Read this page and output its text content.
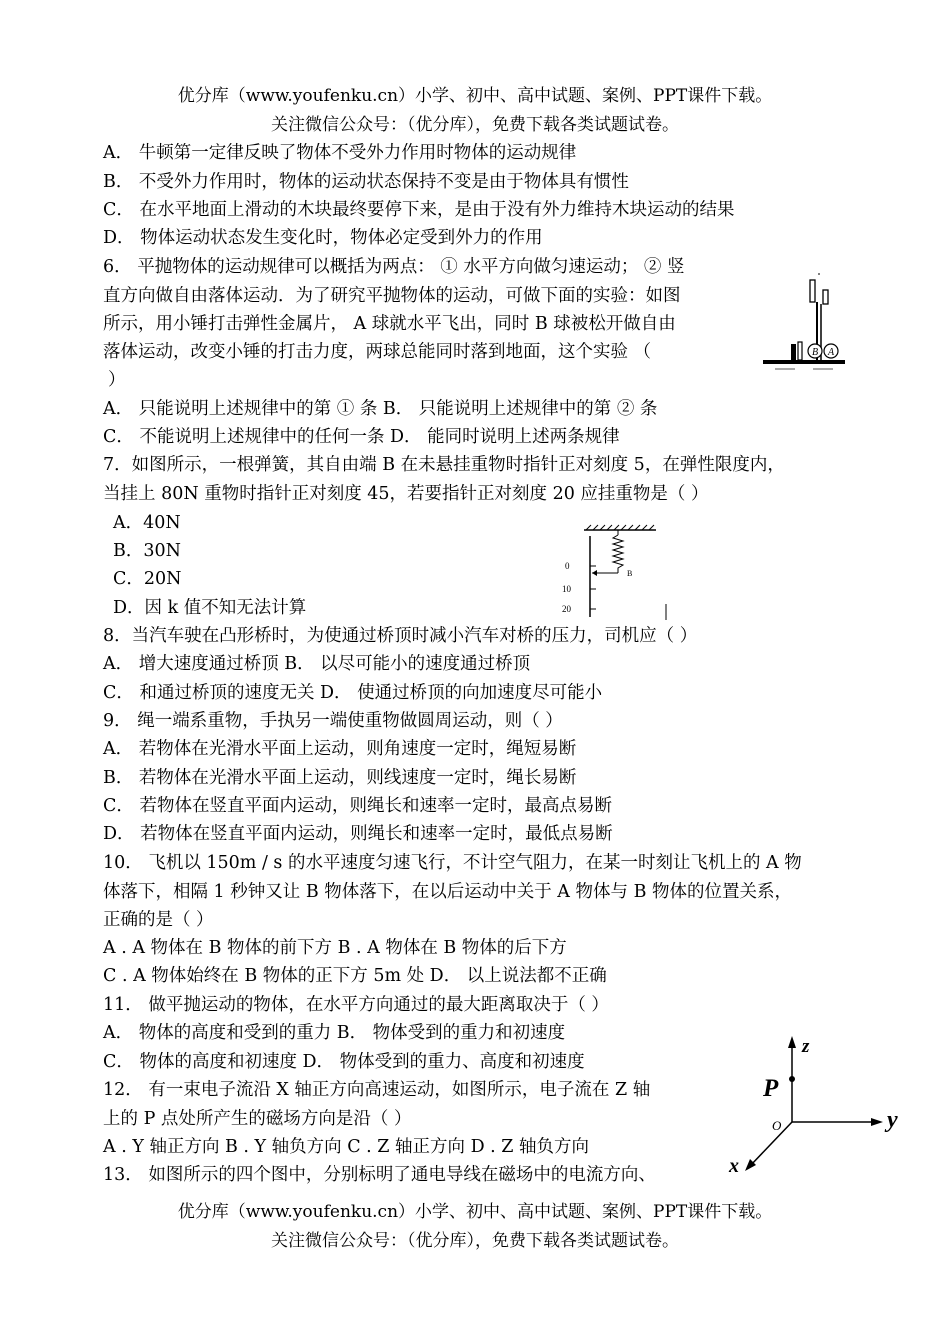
优分库（www.youfenku.cn）小学、初中、高中试题、案例、PPT课件下载。
关注微信公众号：（优分库），免费下载各类试题试卷。
A． 牛顿第一定律反映了物体不受外力作用时物体的运动规律
B． 不受外力作用时，物体的运动状态保持不变是由于物体具有惯性
C． 在水平地面上滑动的木块最终要停下来，是由于没有外力维持木块运动的结果
D． 物体运动状态发生变化时，物体必定受到外力的作用
6． 平抛物体的运动规律可以概括为两点： ① 水平方向做匀速运动； ② 竖
直方向做自由落体运动．为了研究平抛物体的运动，可做下面的实验：如图
所示，用小锤打击弹性金属片， A 球就水平飞出，同时 B 球被松开做自由
落体运动，改变小锤的打击力度，两球总能同时落到地面，这个实验 （
）
A． 只能说明上述规律中的第 ① 条 B． 只能说明上述规律中的第 ② 条
C． 不能说明上述规律中的任何一条 D． 能同时说明上述两条规律
7．如图所示，一根弹簧，其自由端 B 在未悬挂重物时指针正对刻度 5，在弹性限度内，
当挂上 80N 重物时指针正对刻度 45，若要指针正对刻度 20 应挂重物是（ ）
A．40N
B．30N
C．20N
D．因 k 值不知无法计算
8．当汽车驶在凸形桥时，为使通过桥顶时减小汽车对桥的压力，司机应（ ）
A． 增大速度通过桥顶 B． 以尽可能小的速度通过桥顶
C． 和通过桥顶的速度无关 D． 使通过桥顶的向加速度尽可能小
9． 绳一端系重物，手执另一端使重物做圆周运动，则（ ）
A． 若物体在光滑水平面上运动，则角速度一定时，绳短易断
B． 若物体在光滑水平面上运动，则线速度一定时，绳长易断
C． 若物体在竖直平面内运动，则绳长和速率一定时，最高点易断
D． 若物体在竖直平面内运动，则绳长和速率一定时，最低点易断
10． 飞机以 150m / s 的水平速度匀速飞行，不计空气阻力，在某一时刻让飞机上的 A 物
体落下，相隔 1 秒钟又让 B 物体落下，在以后运动中关于 A 物体与 B 物体的位置关系，
正确的是（ ）
A . A 物体在 B 物体的前下方 B . A 物体在 B 物体的后下方
C . A 物体始终在 B 物体的正下方 5m 处 D． 以上说法都不正确
11． 做平抛运动的物体，在水平方向通过的最大距离取决于（ ）
A． 物体的高度和受到的重力 B． 物体受到的重力和初速度
C． 物体的高度和初速度 D． 物体受到的重力、高度和初速度
12． 有一束电子流沿 X 轴正方向高速运动，如图所示，电子流在 Z 轴
上的 P 点处所产生的磁场方向是沿（ ）
A . Y 轴正方向 B . Y 轴负方向 C . Z 轴正方向 D . Z 轴负方向
13． 如图所示的四个图中，分别标明了通电导线在磁场中的电流方向、
优分库（www.youfenku.cn）小学、初中、高中试题、案例、PPT课件下载。
关注微信公众号：（优分库），免费下载各类试题试卷。
B A
0
10
20
B
z
y
x
O
P
